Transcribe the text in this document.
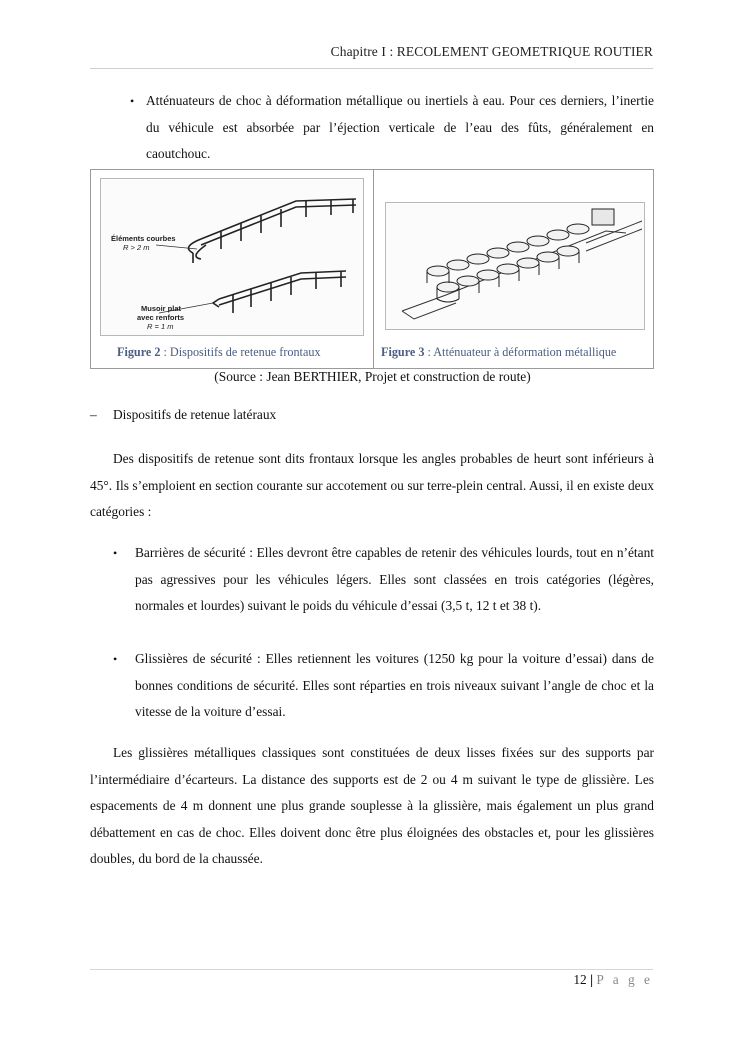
Chapitre I : RECOLEMENT GEOMETRIQUE ROUTIER
• Atténuateurs de choc à déformation métallique ou inertiels à eau. Pour ces derniers, l’inertie du véhicule est absorbée par l’éjection verticale de l’eau des fûts, généralement en caoutchouc.
Éléments courbes
R > 2 m
Musoir plat
avec renforts
R = 1 m
Figure 2 : Dispositifs de retenue frontaux	Figure 3 : Atténuateur à déformation métallique
(Source : Jean BERTHIER, Projet et construction de route)
– Dispositifs de retenue latéraux
Des dispositifs de retenue sont dits frontaux lorsque les angles probables de heurt sont inférieurs à 45°. Ils s’emploient en section courante sur accotement ou sur terre-plein central. Aussi, il en existe deux catégories :
• Barrières de sécurité : Elles devront être capables de retenir des véhicules lourds, tout en n’étant pas agressives pour les véhicules légers. Elles sont classées en trois catégories (légères, normales et lourdes) suivant le poids du véhicule d’essai (3,5 t, 12 t et 38 t).
• Glissières de sécurité : Elles retiennent les voitures (1250 kg pour la voiture d’essai) dans de bonnes conditions de sécurité. Elles sont réparties en trois niveaux suivant l’angle de choc et la vitesse de la voiture d’essai.
Les glissières métalliques classiques sont constituées de deux lisses fixées sur des supports par l’intermédiaire d’écarteurs. La distance des supports est de 2 ou 4 m suivant le type de glissière. Les espacements de 4 m donnent une plus grande souplesse à la glissière, mais également un plus grand débattement en cas de choc. Elles doivent donc être plus éloignées des obstacles et, pour les glissières doubles, du bord de la chaussée.
12 | P a g e
